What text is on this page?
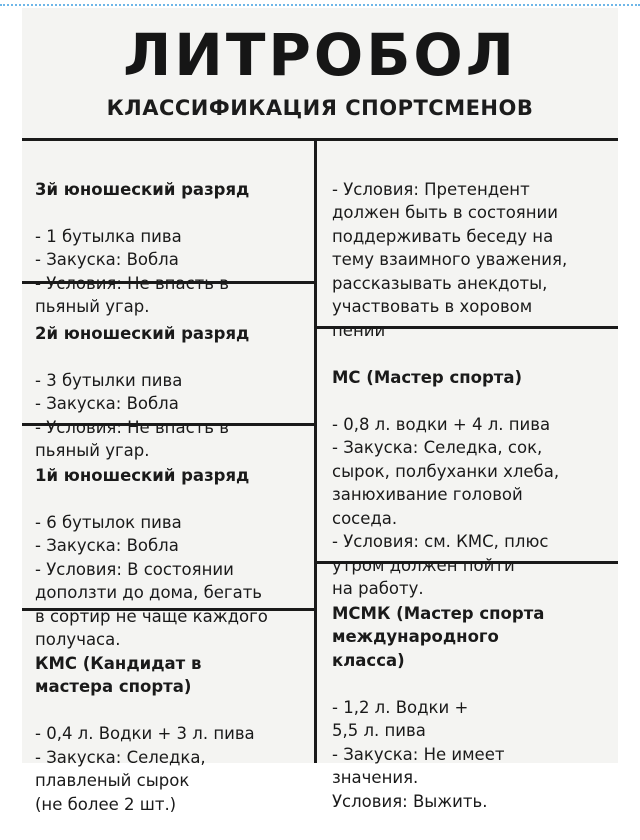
ЛИТРОБОЛ
КЛАССИФИКАЦИЯ СПОРТСМЕНОВ

3й юношеский разряд

- 1 бутылка пива
- Закуска: Вобла
- Условия: Не впасть в
пьяный угар.

2й юношеский разряд

- 3 бутылки пива
- Закуска: Вобла
- Условия: Не впасть в
пьяный угар.

1й юношеский разряд

- 6 бутылок пива
- Закуска: Вобла
- Условия: В состоянии
доползти до дома, бегать
в сортир не чаще каждого
получаса.

КМС (Кандидат в
мастера спорта)

- 0,4 л. Водки + 3 л. пива
- Закуска: Селедка,
плавленый сырок
(не более 2 шт.)

- Условия: Претендент
должен быть в состоянии
поддерживать беседу на
тему взаимного уважения,
рассказывать анекдоты,
участвовать в хоровом
пении

МС (Мастер спорта)

- 0,8 л. водки + 4 л. пива
- Закуска: Селедка, сок,
сырок, полбуханки хлеба,
занюхивание головой
соседа.
- Условия: см. КМС, плюс
утром должен пойти
на работу.

МСМК (Мастер спорта
международного
класса)

- 1,2 л. Водки +
5,5 л. пива
- Закуска: Не имеет
значения.
Условия: Выжить.
